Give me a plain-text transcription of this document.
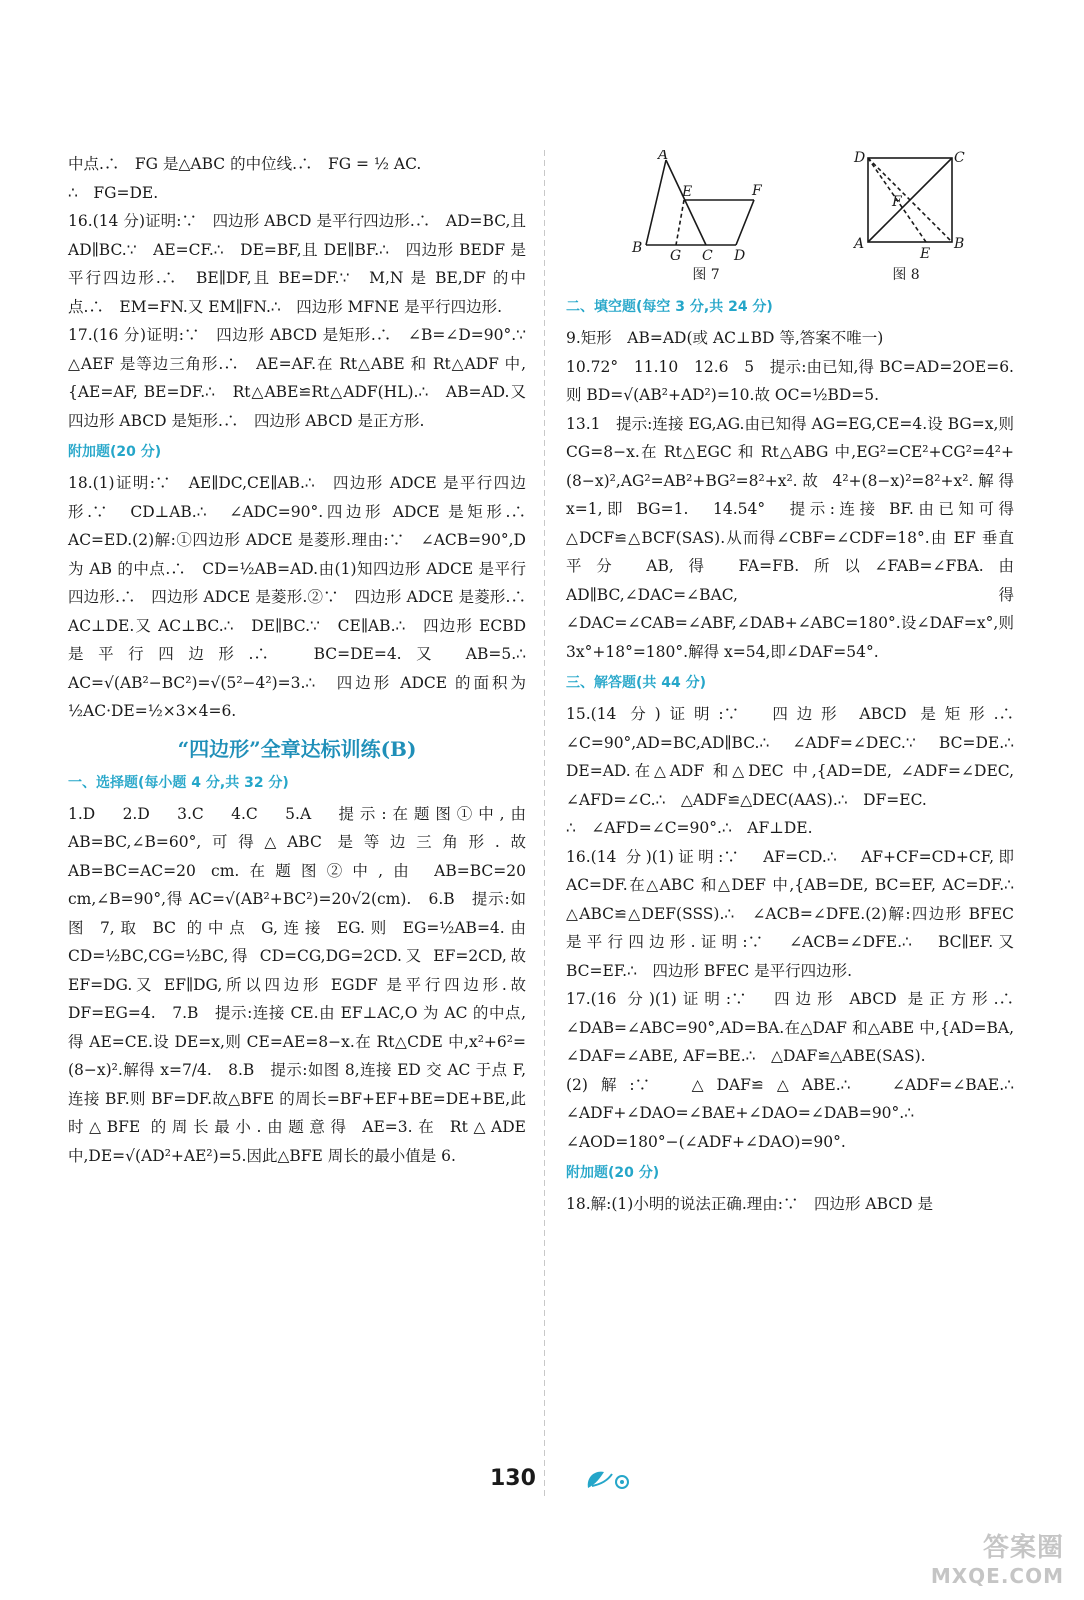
中点.∴　FG 是△ABC 的中位线.∴　FG = ½ AC.

∴　FG=DE.

16.(14 分)证明:∵　四边形 ABCD 是平行四边形.∴　AD=BC,且 AD∥BC.∵　AE=CF.∴　DE=BF,且 DE∥BF.∴　四边形 BEDF 是平行四边形.∴　BE∥DF,且 BE=DF.∵　M,N 是 BE,DF 的中点.∴　EM=FN.又 EM∥FN.∴　四边形 MFNE 是平行四边形.

17.(16 分)证明:∵　四边形 ABCD 是矩形.∴　∠B=∠D=90°.∵　△AEF 是等边三角形.∴　AE=AF.在 Rt△ABE 和 Rt△ADF 中,{AE=AF, BE=DF.∴　Rt△ABE≌Rt△ADF(HL).∴　AB=AD.又四边形 ABCD 是矩形.∴　四边形 ABCD 是正方形.

附加题(20 分)

18.(1)证明:∵　AE∥DC,CE∥AB.∴　四边形 ADCE 是平行四边形.∵　CD⊥AB.∴　∠ADC=90°.四边形 ADCE 是矩形.∴　AC=ED.(2)解:①四边形 ADCE 是菱形.理由:∵　∠ACB=90°,D 为 AB 的中点.∴　CD=½AB=AD.由(1)知四边形 ADCE 是平行四边形.∴　四边形 ADCE 是菱形.②∵　四边形 ADCE 是菱形.∴　AC⊥DE.又 AC⊥BC.∴　DE∥BC.∵　CE∥AB.∴　四边形 ECBD 是平行四边形.∴　BC=DE=4.又 AB=5.∴　AC=√(AB²−BC²)=√(5²−4²)=3.∴　四边形 ADCE 的面积为½AC·DE=½×3×4=6.

“四边形”全章达标训练(B)
一、选择题(每小题 4 分,共 32 分)

1.D　2.D　3.C　4.C　5.A　提示:在题图①中,由 AB=BC,∠B=60°,可得△ABC 是等边三角形.故 AB=BC=AC=20 cm.在题图②中,由 AB=BC=20 cm,∠B=90°,得 AC=√(AB²+BC²)=20√2(cm).　6.B　提示:如图 7,取 BC 的中点 G,连接 EG.则 EG=½AB=4.由 CD=½BC,CG=½BC,得 CD=CG,DG=2CD.又 EF=2CD,故 EF=DG.又 EF∥DG,所以四边形 EGDF 是平行四边形.故 DF=EG=4.　7.B　提示:连接 CE.由 EF⊥AC,O 为 AC 的中点,得 AE=CE.设 DE=x,则 CE=AE=8−x.在 Rt△CDE 中,x²+6²=(8−x)².解得 x=7/4.　8.B　提示:如图 8,连接 ED 交 AC 于点 F,连接 BF.则 BF=DF.故△BFE 的周长=BF+EF+BE=DE+BE,此时△BFE 的周长最小.由题意得 AE=3.在 Rt△ADE 中,DE=√(AD²+AE²)=5.因此△BFE 周长的最小值是 6.

A
E	F
B G C D
图 7
D	C
F
A
E
B
图 8
二、填空题(每空 3 分,共 24 分)

9.矩形　AB=AD(或 AC⊥BD 等,答案不唯一)

10.72°　11.10　12.6　5　提示:由已知,得 BC=AD=2OE=6.则 BD=√(AB²+AD²)=10.故 OC=½BD=5.

13.1　提示:连接 EG,AG.由已知得 AG=EG,CE=4.设 BG=x,则 CG=8−x.在 Rt△EGC 和 Rt△ABG 中,EG²=CE²+CG²=4²+(8−x)²,AG²=AB²+BG²=8²+x².故 4²+(8−x)²=8²+x².解得 x=1,即 BG=1.　14.54°　提示:连接 BF.由已知可得△DCF≌△BCF(SAS).从而得∠CBF=∠CDF=18°.由 EF 垂直平分 AB,得 FA=FB.所以∠FAB=∠FBA.由 AD∥BC,∠DAC=∠BAC,得∠DAC=∠CAB=∠ABF,∠DAB+∠ABC=180°.设∠DAF=x°,则 3x°+18°=180°.解得 x=54,即∠DAF=54°.

三、解答题(共 44 分)

15.(14 分)证明:∵　四边形 ABCD 是矩形.∴　∠C=90°,AD=BC,AD∥BC.∴　∠ADF=∠DEC.∵　BC=DE.∴　DE=AD.在△ADF 和△DEC 中,{AD=DE, ∠ADF=∠DEC, ∠AFD=∠C.∴　△ADF≌△DEC(AAS).∴　DF=EC.

∴　∠AFD=∠C=90°.∴　AF⊥DE.

16.(14 分)(1)证明:∵　AF=CD.∴　AF+CF=CD+CF,即 AC=DF.在△ABC 和△DEF 中,{AB=DE, BC=EF, AC=DF.∴　△ABC≌△DEF(SSS).∴　∠ACB=∠DFE.(2)解:四边形 BFEC 是平行四边形.证明:∵　∠ACB=∠DFE.∴　BC∥EF.又 BC=EF.∴　四边形 BFEC 是平行四边形.

17.(16 分)(1)证明:∵　四边形 ABCD 是正方形.∴　∠DAB=∠ABC=90°,AD=BA.在△DAF 和△ABE 中,{AD=BA, ∠DAF=∠ABE, AF=BE.∴　△DAF≌△ABE(SAS).

(2)解:∵　△DAF≌△ABE.∴　∠ADF=∠BAE.∴　∠ADF+∠DAO=∠BAE+∠DAO=∠DAB=90°.∴　∠AOD=180°−(∠ADF+∠DAO)=90°.

附加题(20 分)

18.解:(1)小明的说法正确.理由:∵　四边形 ABCD 是

130
答案圈
MXQE.COM
